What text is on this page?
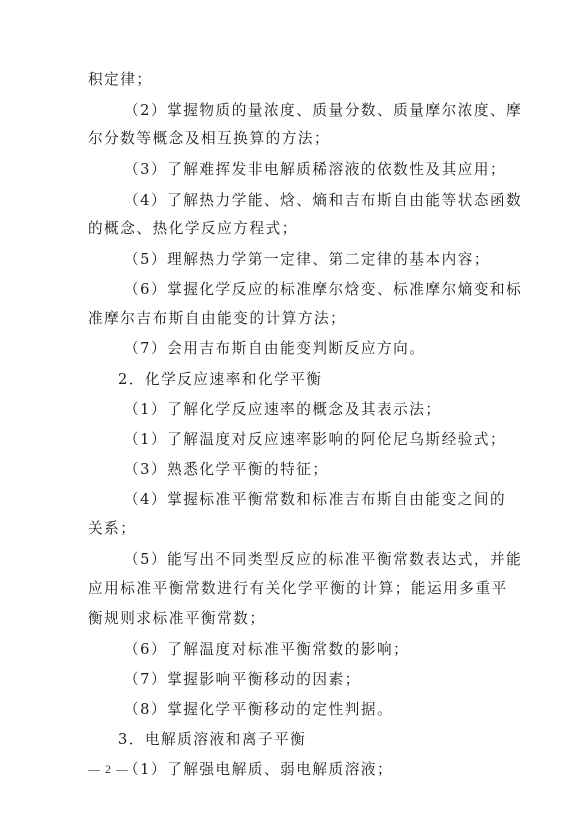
积定律；
（2）掌握物质的量浓度、质量分数、质量摩尔浓度、摩
尔分数等概念及相互换算的方法；
（3）了解难挥发非电解质稀溶液的依数性及其应用；
（4）了解热力学能、焓、熵和吉布斯自由能等状态函数
的概念、热化学反应方程式；
（5）理解热力学第一定律、第二定律的基本内容；
（6）掌握化学反应的标准摩尔焓变、标准摩尔熵变和标
准摩尔吉布斯自由能变的计算方法；
（7）会用吉布斯自由能变判断反应方向。
2．化学反应速率和化学平衡
（1）了解化学反应速率的概念及其表示法；
（1）了解温度对反应速率影响的阿伦尼乌斯经验式；
（3）熟悉化学平衡的特征；
（4）掌握标准平衡常数和标准吉布斯自由能变之间的
关系；
（5）能写出不同类型反应的标准平衡常数表达式，并能
应用标准平衡常数进行有关化学平衡的计算；能运用多重平
衡规则求标准平衡常数；
（6）了解温度对标准平衡常数的影响；
（7）掌握影响平衡移动的因素；
（8）掌握化学平衡移动的定性判据。
3．电解质溶液和离子平衡
（1）了解强电解质、弱电解质溶液；
— 2 —
